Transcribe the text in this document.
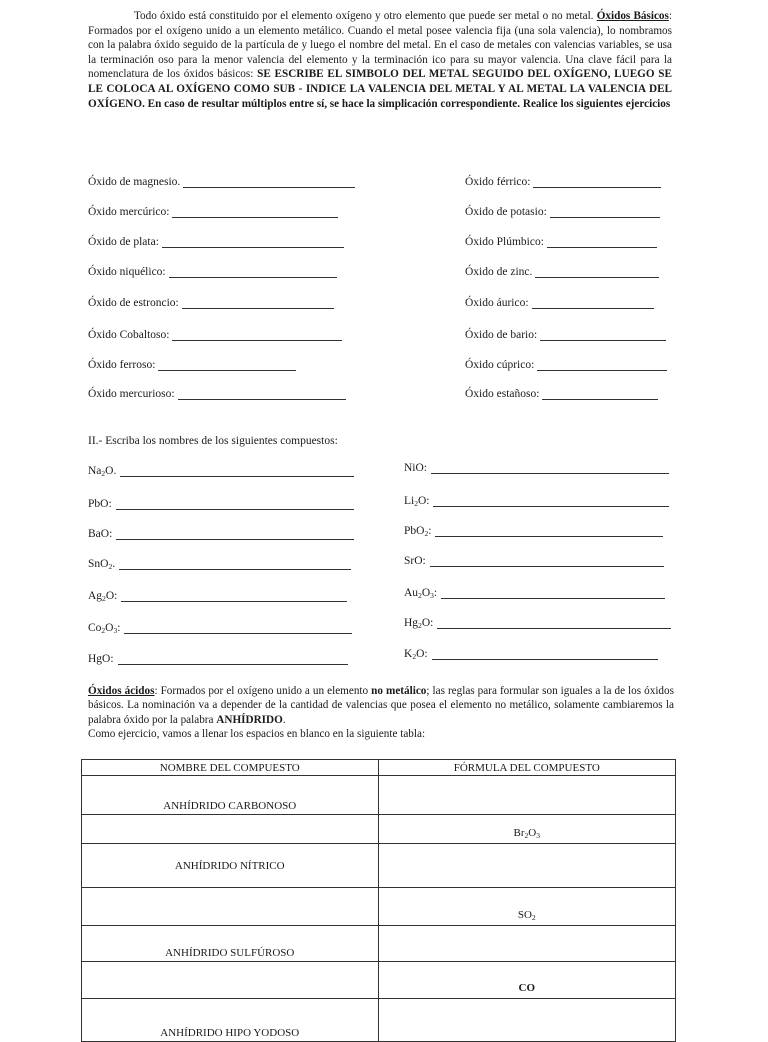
Todo óxido está constituido por el elemento oxígeno y otro elemento que puede ser metal o no metal. Óxidos Básicos: Formados por el oxígeno unido a un elemento metálico. Cuando el metal posee valencia fija (una sola valencia), lo nombramos con la palabra óxido seguido de la partícula de y luego el nombre del metal. En el caso de metales con valencias variables, se usa la terminación oso para la menor valencia del elemento y la terminación ico para su mayor valencia. Una clave fácil para la nomenclatura de los óxidos básicos: SE ESCRIBE EL SIMBOLO DEL METAL SEGUIDO DEL OXÍGENO, LUEGO SE LE COLOCA AL OXÍGENO COMO SUB - INDICE LA VALENCIA DEL METAL Y AL METAL LA VALENCIA DEL OXÍGENO. En caso de resultar múltiplos entre sí, se hace la simplicación correspondiente. Realice los siguientes ejercicios
Óxido de magnesio.
Óxido mercúrico:
Óxido de plata:
Óxido niquélico:
Óxido de estroncio:
Óxido Cobaltoso:
Óxido ferroso:
Óxido mercurioso:
Óxido férrico:
Óxido de potasio:
Óxido Plúmbico:
Óxido de zinc.
Óxido áurico:
Óxido de bario:
Óxido cúprico:
Óxido estañoso:
II.- Escriba los nombres de los siguientes compuestos:
$Na_2O$.
PbO:
BaO:
SnO$_2$.
$Ag_2O$:
$Co_2O_3$:
HgO:
NiO:
$Li_2O$:
PbO$_2$:
SrO:
$Au_2O_3$:
$Hg_2O$:
$K_2O$:
Óxidos ácidos: Formados por el oxígeno unido a un elemento no metálico; las reglas para formular son iguales a la de los óxidos básicos. La nominación va a depender de la cantidad de valencias que posea el elemento no metálico, solamente cambiaremos la palabra óxido por la palabra ANHÍDRIDO.
Como ejercicio, vamos a llenar los espacios en blanco en la siguiente tabla:
NOMBRE DEL COMPUESTO	FÓRMULA DEL COMPUESTO
ANHÍDRIDO CARBONOSO	
	$Br_2O_3$
ANHÍDRIDO NÍTRICO	
	$SO_2$
ANHÍDRIDO SULFÚROSO	
	CO
ANHÍDRIDO HIPO YODOSO	
